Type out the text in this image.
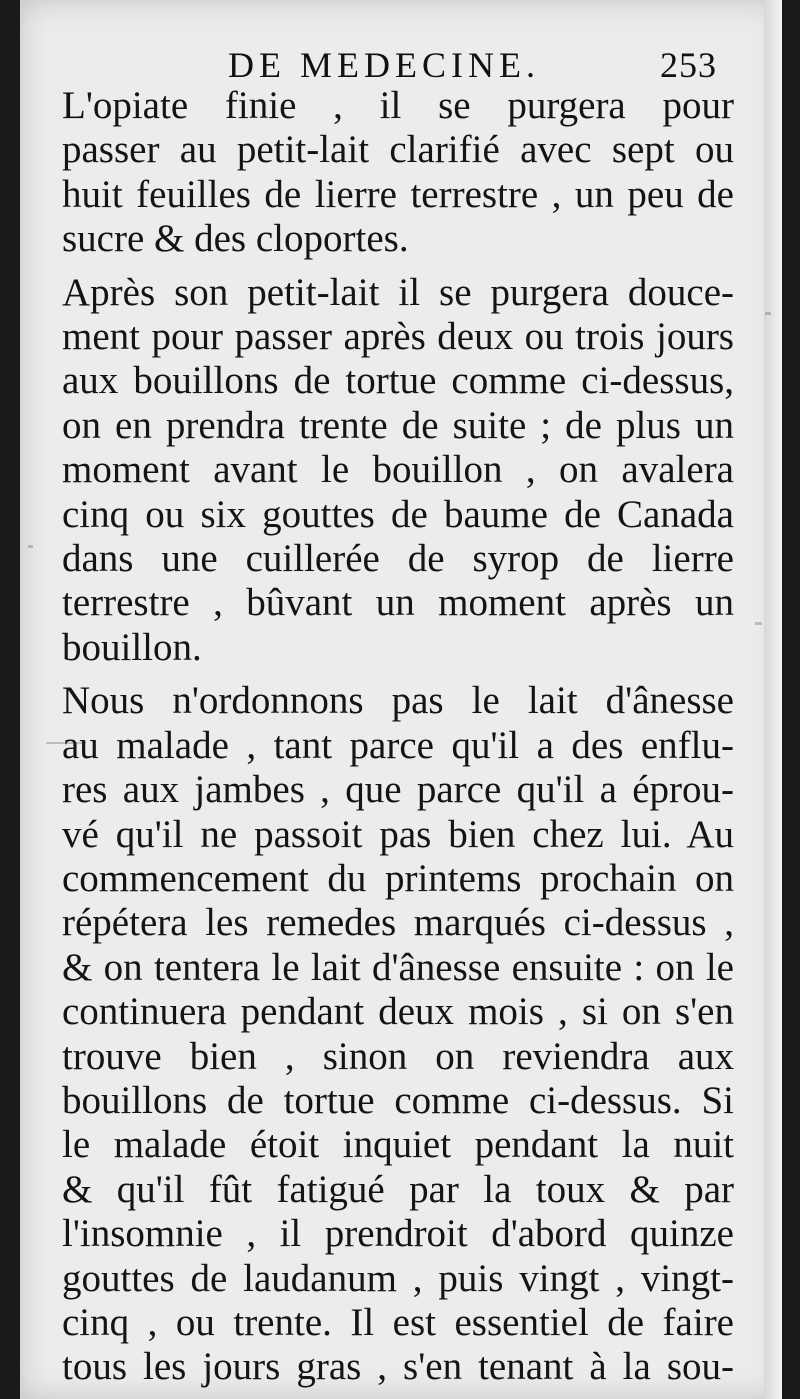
DE MEDECINE.	253

L'opiate finie , il se purgera pour
passer au petit-lait clarifié avec sept ou
huit feuilles de lierre terrestre , un peu de
sucre & des cloportes.

Après son petit-lait il se purgera douce-
ment pour passer après deux ou trois jours
aux bouillons de tortue comme ci-dessus,
on en prendra trente de suite ; de plus un
moment avant le bouillon , on avalera
cinq ou six gouttes de baume de Canada
dans une cuillerée de syrop de lierre
terrestre , bûvant un moment après un
bouillon.

Nous n'ordonnons pas le lait d'ânesse
au malade , tant parce qu'il a des enflu-
res aux jambes , que parce qu'il a éprou-
vé qu'il ne passoit pas bien chez lui. Au
commencement du printems prochain on
répétera les remedes marqués ci-dessus ,
& on tentera le lait d'ânesse ensuite : on le
continuera pendant deux mois , si on s'en
trouve bien , sinon on reviendra aux
bouillons de tortue comme ci-dessus. Si
le malade étoit inquiet pendant la nuit
& qu'il fût fatigué par la toux & par
l'insomnie , il prendroit d'abord quinze
gouttes de laudanum , puis vingt , vingt-
cinq , ou trente. Il est essentiel de faire
tous les jours gras , s'en tenant à la sou-
